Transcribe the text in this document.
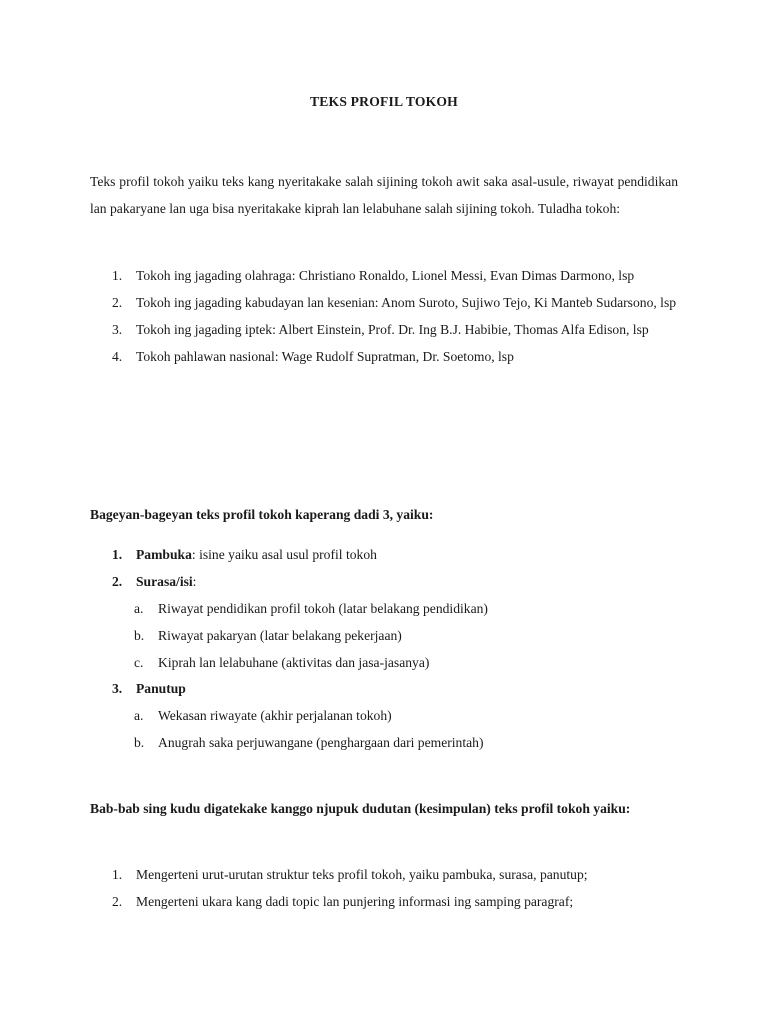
TEKS PROFIL TOKOH
Teks profil tokoh yaiku teks kang nyeritakake salah sijining tokoh awit saka asal-usule, riwayat pendidikan lan pakaryane lan uga bisa nyeritakake kiprah lan lelabuhane salah sijining tokoh. Tuladha tokoh:
1. Tokoh ing jagading olahraga: Christiano Ronaldo, Lionel Messi, Evan Dimas Darmono, lsp
2. Tokoh ing jagading kabudayan lan kesenian: Anom Suroto, Sujiwo Tejo, Ki Manteb Sudarsono, lsp
3. Tokoh ing jagading iptek: Albert Einstein, Prof. Dr. Ing B.J. Habibie, Thomas Alfa Edison, lsp
4. Tokoh pahlawan nasional: Wage Rudolf Supratman, Dr. Soetomo, lsp
Bageyan-bageyan teks profil tokoh kaperang dadi 3, yaiku:
1. Pambuka: isine yaiku asal usul profil tokoh
2. Surasa/isi:
a. Riwayat pendidikan profil tokoh (latar belakang pendidikan)
b. Riwayat pakaryan (latar belakang pekerjaan)
c. Kiprah lan lelabuhane (aktivitas dan jasa-jasanya)
3. Panutup
a. Wekasan riwayate (akhir perjalanan tokoh)
b. Anugrah saka perjuwangane (penghargaan dari pemerintah)
Bab-bab sing kudu digatekake kanggo njupuk dudutan (kesimpulan) teks profil tokoh yaiku:
1. Mengerteni urut-urutan struktur teks profil tokoh, yaiku pambuka, surasa, panutup;
2. Mengerteni ukara kang dadi topic lan punjering informasi ing samping paragraf;
